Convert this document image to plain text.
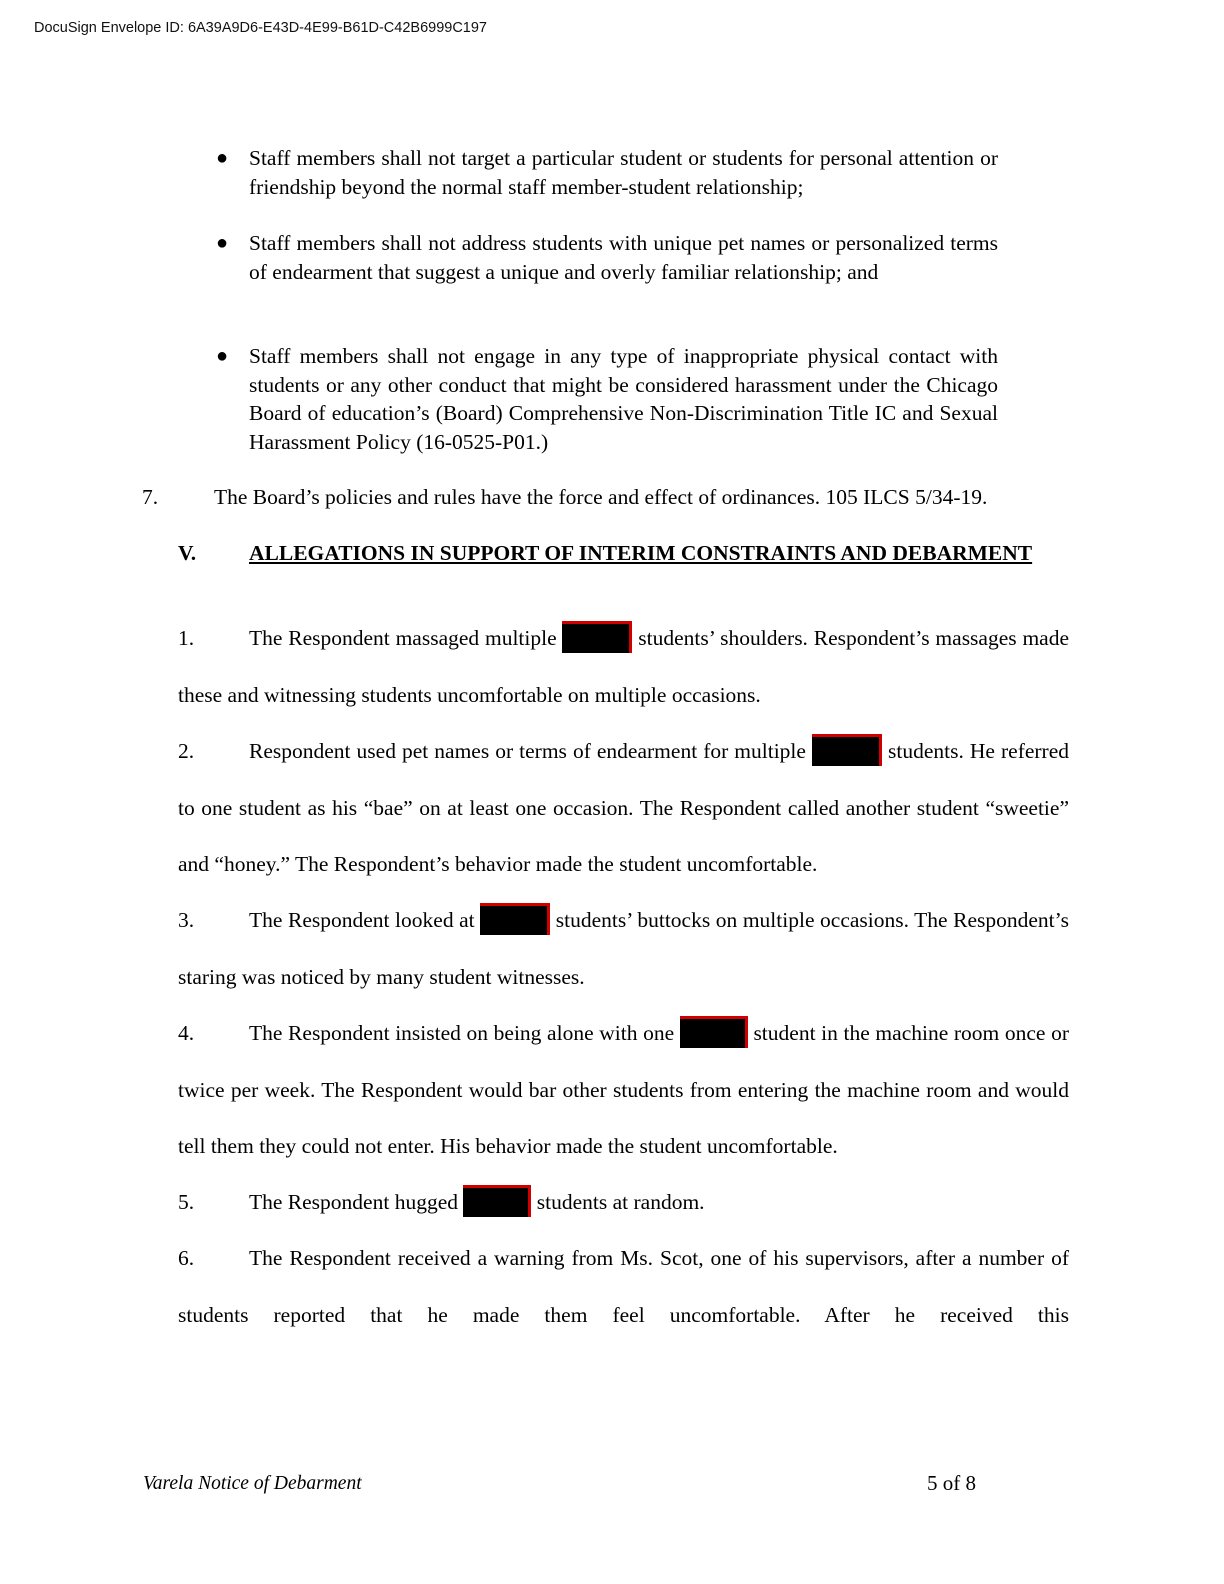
DocuSign Envelope ID: 6A39A9D6-E43D-4E99-B61D-C42B6999C197
● Staff members shall not target a particular student or students for personal attention or friendship beyond the normal staff member-student relationship;
● Staff members shall not address students with unique pet names or personalized terms of endearment that suggest a unique and overly familiar relationship; and
● Staff members shall not engage in any type of inappropriate physical contact with students or any other conduct that might be considered harassment under the Chicago Board of education’s (Board) Comprehensive Non-Discrimination Title IC and Sexual Harassment Policy (16-0525-P01.)
7.	The Board’s policies and rules have the force and effect of ordinances. 105 ILCS 5/34-19.
V. ALLEGATIONS IN SUPPORT OF INTERIM CONSTRAINTS AND DEBARMENT
1.	The Respondent massaged multiple	students’ shoulders. Respondent’s massages made these and witnessing students uncomfortable on multiple occasions.
2.	Respondent used pet names or terms of endearment for multiple	students. He referred to one student as his “bae” on at least one occasion. The Respondent called another student “sweetie” and “honey.” The Respondent’s behavior made the student uncomfortable.
3.	The Respondent looked at	students’ buttocks on multiple occasions. The Respondent’s staring was noticed by many student witnesses.
4.	The Respondent insisted on being alone with one	student in the machine room once or twice per week. The Respondent would bar other students from entering the machine room and would tell them they could not enter. His behavior made the student uncomfortable.
5.	The Respondent hugged	students at random.
6.	The Respondent received a warning from Ms. Scot, one of his supervisors, after a number of students reported that he made them feel uncomfortable. After he received this
Varela Notice of Debarment	5 of 8
